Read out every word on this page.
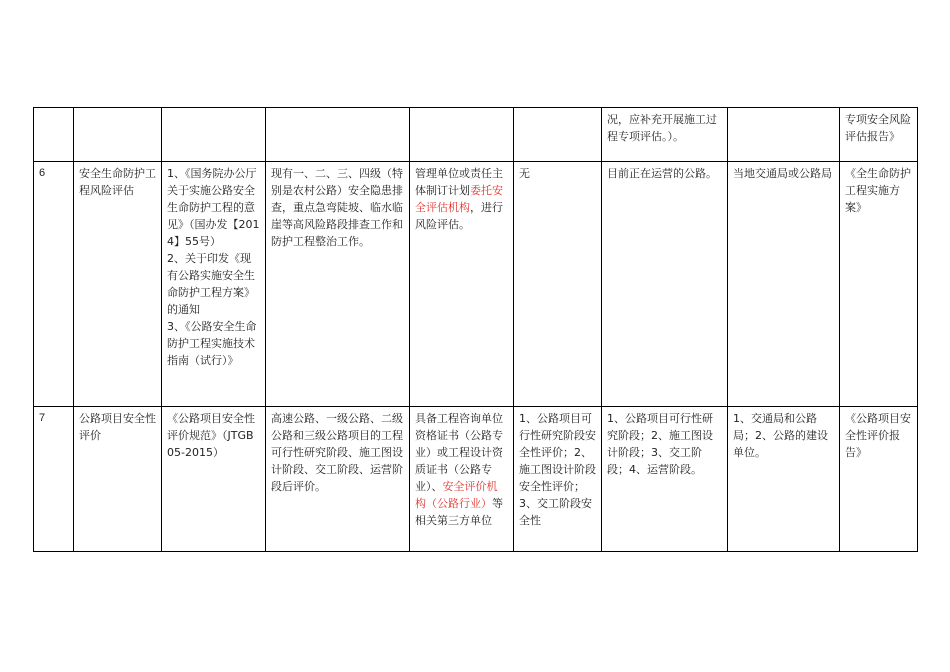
						况，应补充开展施工过程专项评估。）。		专项安全风险评估报告》
6	安全生命防护工程风险评估	1、《国务院办公厅关于实施公路安全生命防护工程的意见》（国办发【2014】55号）
2、关于印发《现有公路实施安全生命防护工程方案》的通知
3、《公路安全生命防护工程实施技术指南（试行）》	现有一、二、三、四级（特别是农村公路）安全隐患排查，重点急弯陡坡、临水临崖等高风险路段排查工作和防护工程整治工作。	管理单位或责任主体制订计划委托安全评估机构，进行风险评估。	无	目前正在运营的公路。	当地交通局或公路局	《全生命防护工程实施方案》
7	公路项目安全性评价	《公路项目安全性评价规范》（JTGB05-2015）	高速公路、一级公路、二级公路和三级公路项目的工程可行性研究阶段、施工图设计阶段、交工阶段、运营阶段后评价。	具备工程咨询单位资格证书（公路专业）或工程设计资质证书（公路专业）、安全评价机构（公路行业）等相关第三方单位	1、公路项目可行性研究阶段安全性评价；2、施工图设计阶段安全性评价；3、交工阶段安全性	1、公路项目可行性研究阶段；2、施工图设计阶段；3、交工阶段；4、运营阶段。	1、交通局和公路局；2、公路的建设单位。	《公路项目安全性评价报告》
